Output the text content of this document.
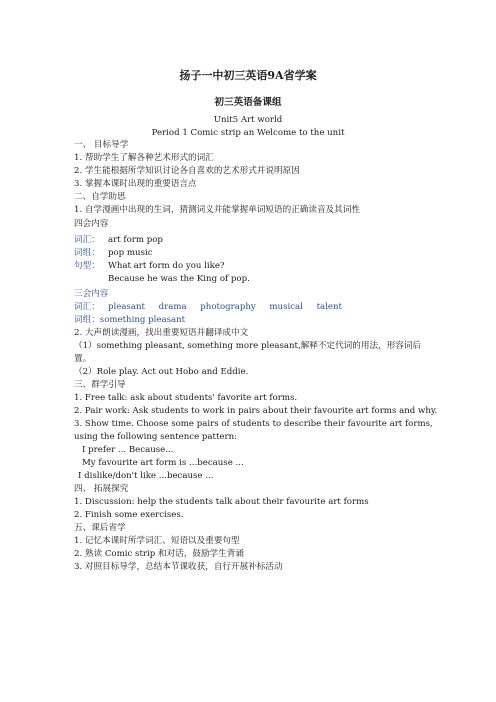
扬子一中初三英语9A省学案
初三英语备课组
Unit5 Art world
Period 1 Comic strip an Welcome to the unit
一、 目标导学
1. 帮助学生了解各种艺术形式的词汇
2. 学生能根据所学知识讨论各自喜欢的艺术形式并说明原因
3. 掌握本课时出现的重要语言点
二、自学助思
1. 自学漫画中出现的生词，猜测词义并能掌握单词短语的正确读音及其词性
四会内容
词汇： art form pop
词组： pop music
句型： What art form do you like?
Because he was the King of pop.
三会内容
词汇： pleasant drama photography musical talent
词组：something pleasant
2. 大声朗读漫画，找出重要短语并翻译成中文
（1）something pleasant, something more pleasant,解释不定代词的用法，形容词后
置。
（2）Role play. Act out Hobo and Eddie.
三、群学引导
1. Free talk: ask about students' favorite art forms.
2. Pair work: Ask students to work in pairs about their favourite art forms and why.
3. Show time. Choose some pairs of students to describe their favourite art forms,
using the following sentence pattern:
I prefer ... Because...
My favourite art form is ...because ...
I dislike/don't like ...because ...
四、 拓展探究
1. Discussion: help the students talk about their favourite art forms
2. Finish some exercises.
五、课后省学
1. 记忆本课时所学词汇、短语以及重要句型
2. 熟读 Comic strip 和对话，鼓励学生背诵
3. 对照目标导学，总结本节课收获，自行开展补标活动
